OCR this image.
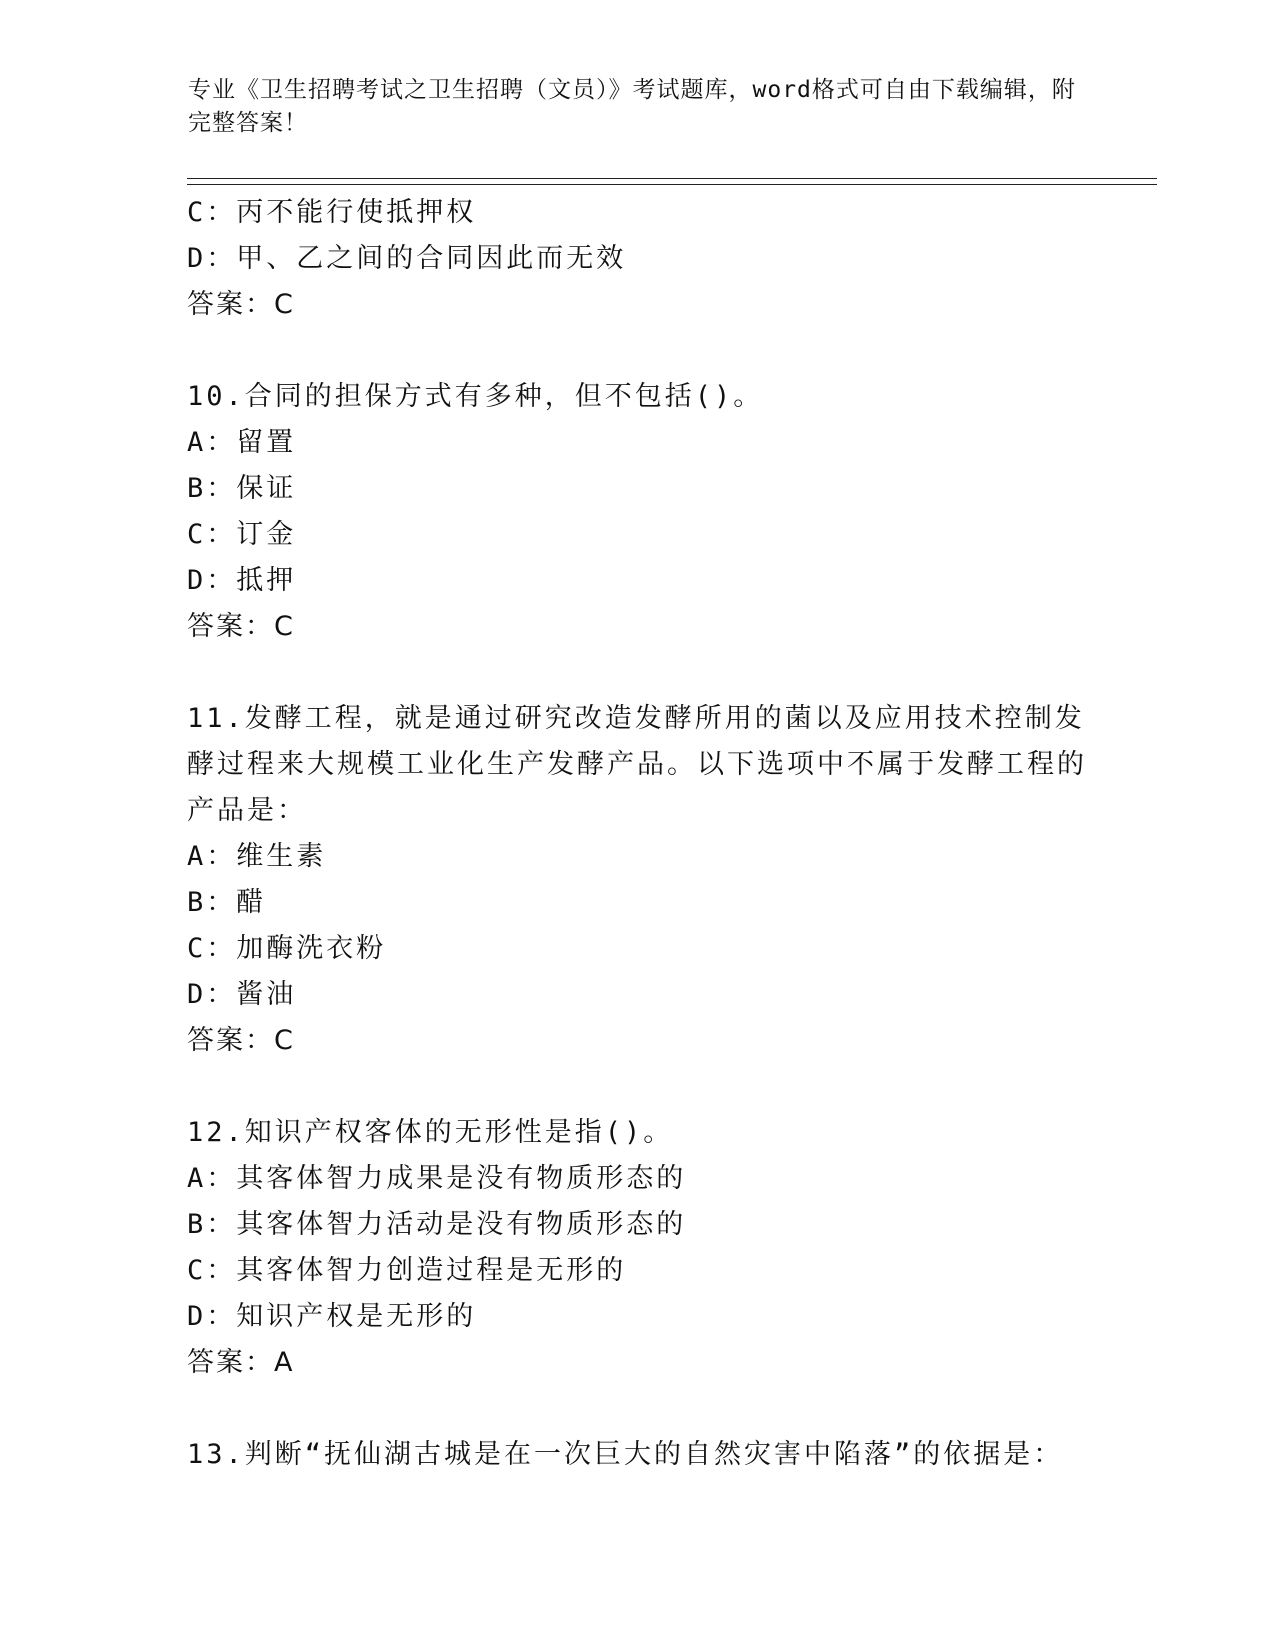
专业《卫生招聘考试之卫生招聘（文员）》考试题库，word格式可自由下载编辑，附完整答案！
C：丙不能行使抵押权
D：甲、乙之间的合同因此而无效
答案：C
10.合同的担保方式有多种，但不包括()。
A：留置
B：保证
C：订金
D：抵押
答案：C
11.发酵工程，就是通过研究改造发酵所用的菌以及应用技术控制发酵过程来大规模工业化生产发酵产品。以下选项中不属于发酵工程的产品是：
A：维生素
B：醋
C：加酶洗衣粉
D：酱油
答案：C
12.知识产权客体的无形性是指()。
A：其客体智力成果是没有物质形态的
B：其客体智力活动是没有物质形态的
C：其客体智力创造过程是无形的
D：知识产权是无形的
答案：A
13.判断“抚仙湖古城是在一次巨大的自然灾害中陷落”的依据是：
